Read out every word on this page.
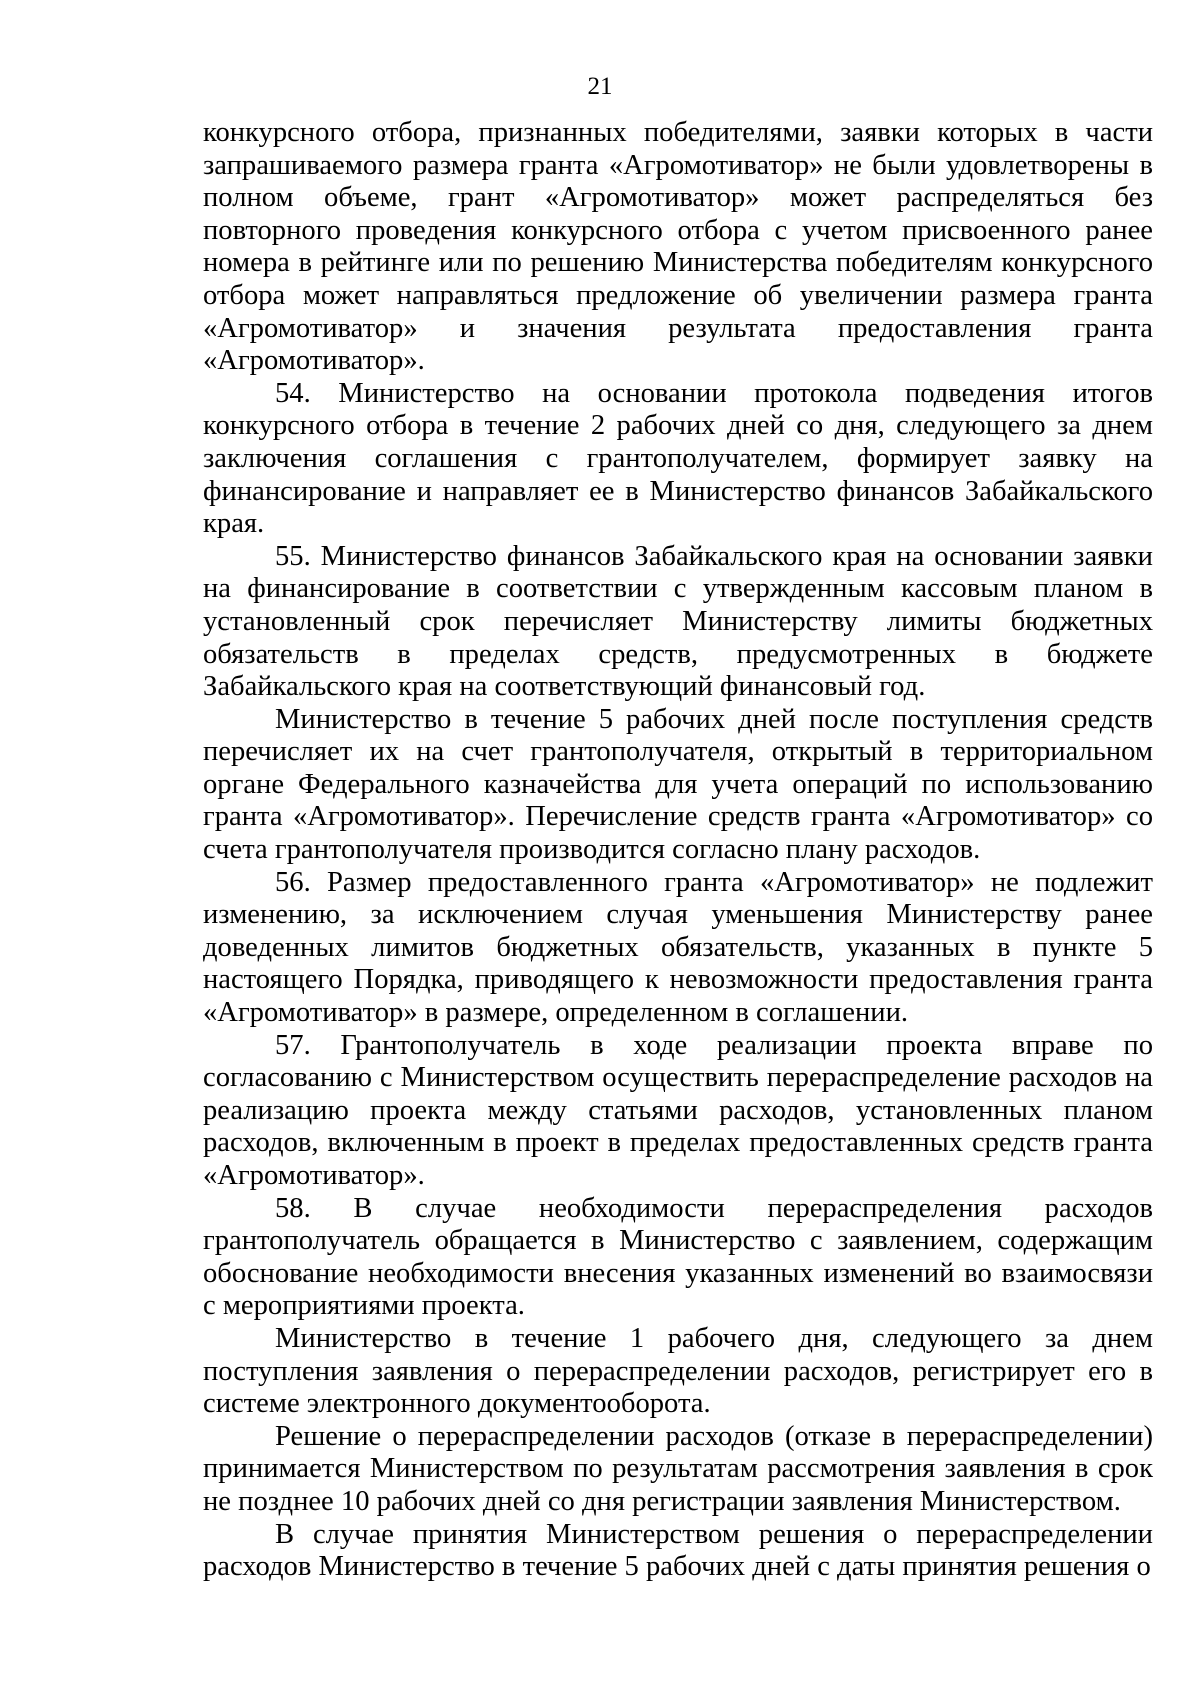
21

конкурсного отбора, признанных победителями, заявки которых в части запрашиваемого размера гранта «Агромотиватор» не были удовлетворены в полном объеме, грант «Агромотиватор» может распределяться без повторного проведения конкурсного отбора с учетом присвоенного ранее номера в рейтинге или по решению Министерства победителям конкурсного отбора может направляться предложение об увеличении размера гранта «Агромотиватор» и значения результата предоставления гранта «Агромотиватор».

54. Министерство на основании протокола подведения итогов конкурсного отбора в течение 2 рабочих дней со дня, следующего за днем заключения соглашения с грантополучателем, формирует заявку на финансирование и направляет ее в Министерство финансов Забайкальского края.

55. Министерство финансов Забайкальского края на основании заявки на финансирование в соответствии с утвержденным кассовым планом в установленный срок перечисляет Министерству лимиты бюджетных обязательств в пределах средств, предусмотренных в бюджете Забайкальского края на соответствующий финансовый год.

Министерство в течение 5 рабочих дней после поступления средств перечисляет их на счет грантополучателя, открытый в территориальном органе Федерального казначейства для учета операций по использованию гранта «Агромотиватор». Перечисление средств гранта «Агромотиватор» со счета грантополучателя производится согласно плану расходов.

56. Размер предоставленного гранта «Агромотиватор» не подлежит изменению, за исключением случая уменьшения Министерству ранее доведенных лимитов бюджетных обязательств, указанных в пункте 5 настоящего Порядка, приводящего к невозможности предоставления гранта «Агромотиватор» в размере, определенном в соглашении.

57. Грантополучатель в ходе реализации проекта вправе по согласованию с Министерством осуществить перераспределение расходов на реализацию проекта между статьями расходов, установленных планом расходов, включенным в проект в пределах предоставленных средств гранта «Агромотиватор».

58. В случае необходимости перераспределения расходов грантополучатель обращается в Министерство с заявлением, содержащим обоснование необходимости внесения указанных изменений во взаимосвязи с мероприятиями проекта.

Министерство в течение 1 рабочего дня, следующего за днем поступления заявления о перераспределении расходов, регистрирует его в системе электронного документооборота.

Решение о перераспределении расходов (отказе в перераспределении) принимается Министерством по результатам рассмотрения заявления в срок не позднее 10 рабочих дней со дня регистрации заявления Министерством.

В случае принятия Министерством решения о перераспределении расходов Министерство в течение 5 рабочих дней с даты принятия решения о
